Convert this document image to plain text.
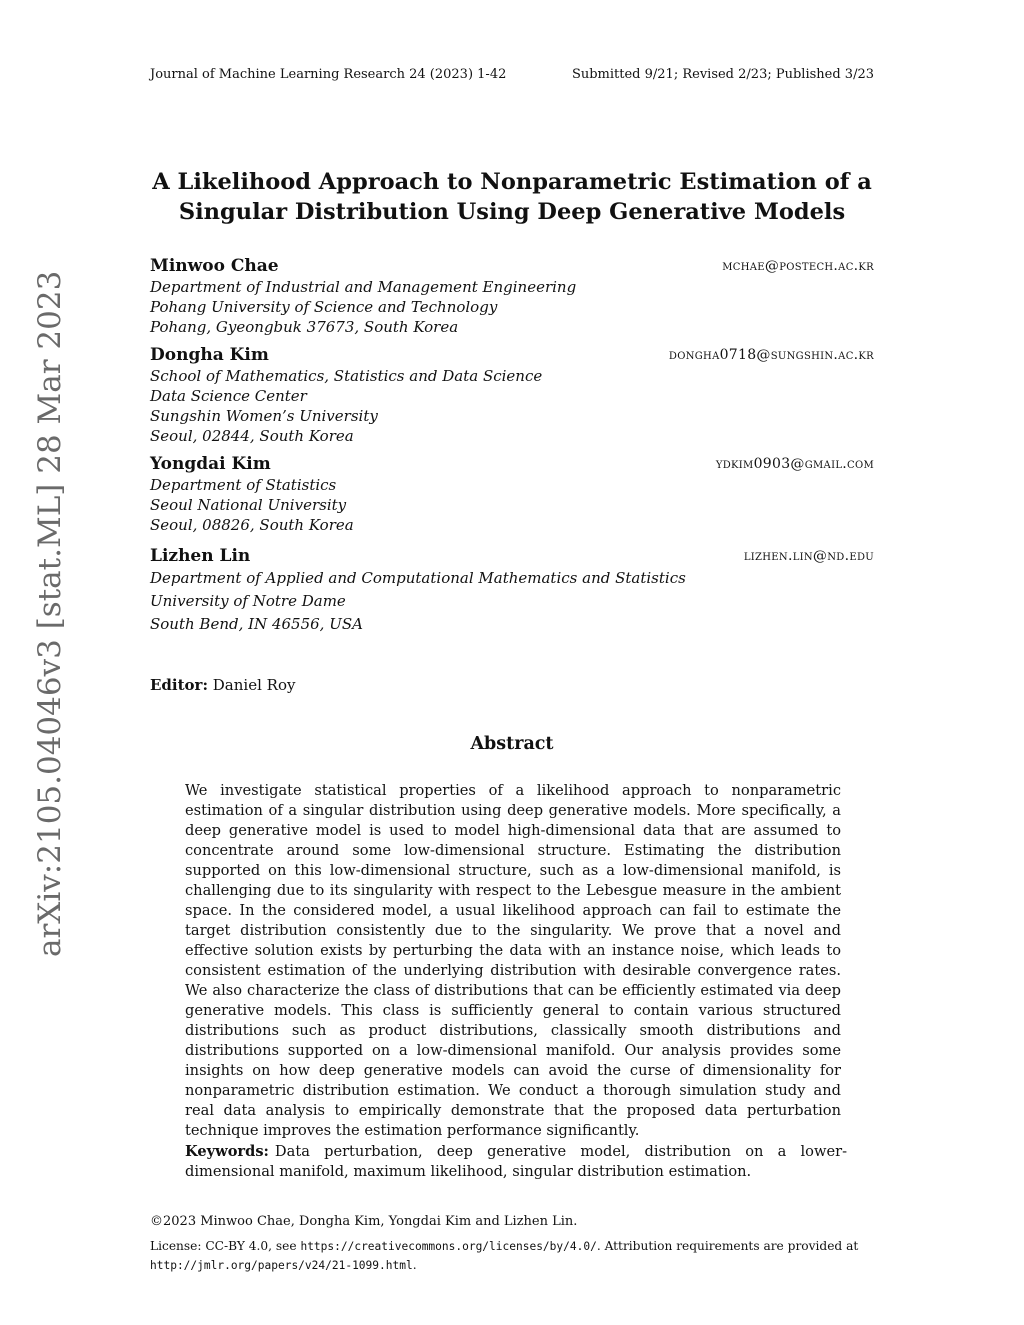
Journal of Machine Learning Research 24 (2023) 1-42	Submitted 9/21; Revised 2/23; Published 3/23
arXiv:2105.04046v3 [stat.ML] 28 Mar 2023
A Likelihood Approach to Nonparametric Estimation of a
Singular Distribution Using Deep Generative Models
Minwoo Chae	mchae@postech.ac.kr
Department of Industrial and Management Engineering
Pohang University of Science and Technology
Pohang, Gyeongbuk 37673, South Korea
Dongha Kim	dongha0718@sungshin.ac.kr
School of Mathematics, Statistics and Data Science
Data Science Center
Sungshin Women’s University
Seoul, 02844, South Korea
Yongdai Kim	ydkim0903@gmail.com
Department of Statistics
Seoul National University
Seoul, 08826, South Korea
Lizhen Lin	lizhen.lin@nd.edu
Department of Applied and Computational Mathematics and Statistics
University of Notre Dame
South Bend, IN 46556, USA
Editor: Daniel Roy
Abstract
We investigate statistical properties of a likelihood approach to nonparametric estimation of a singular distribution using deep generative models. More specifically, a deep generative model is used to model high-dimensional data that are assumed to concentrate around some low-dimensional structure. Estimating the distribution supported on this low-dimensional structure, such as a low-dimensional manifold, is challenging due to its singularity with respect to the Lebesgue measure in the ambient space. In the considered model, a usual likelihood approach can fail to estimate the target distribution consistently due to the singularity. We prove that a novel and effective solution exists by perturbing the data with an instance noise, which leads to consistent estimation of the underlying distribution with desirable convergence rates. We also characterize the class of distributions that can be efficiently estimated via deep generative models. This class is sufficiently general to contain various structured distributions such as product distributions, classically smooth distributions and distributions supported on a low-dimensional manifold. Our analysis provides some insights on how deep generative models can avoid the curse of dimensionality for nonparametric distribution estimation. We conduct a thorough simulation study and real data analysis to empirically demonstrate that the proposed data perturbation technique improves the estimation performance significantly.
Keywords: Data perturbation, deep generative model, distribution on a lower-dimensional manifold, maximum likelihood, singular distribution estimation.
©2023 Minwoo Chae, Dongha Kim, Yongdai Kim and Lizhen Lin.
License: CC-BY 4.0, see https://creativecommons.org/licenses/by/4.0/. Attribution requirements are provided at http://jmlr.org/papers/v24/21-1099.html.
